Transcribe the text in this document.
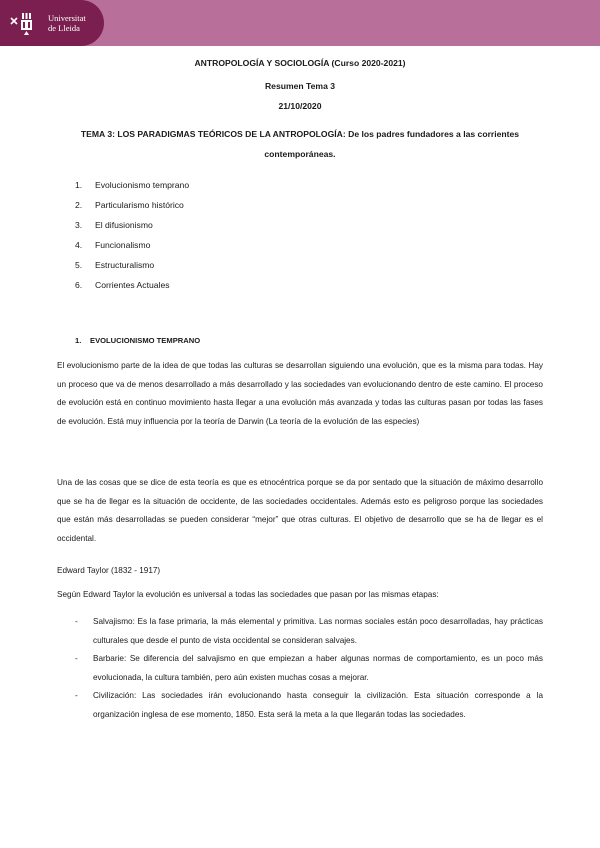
Universitat
de Lleida
ANTROPOLOGÍA Y SOCIOLOGÍA (Curso 2020-2021)
Resumen Tema 3
21/10/2020
TEMA 3: LOS PARADIGMAS TEÓRICOS DE LA ANTROPOLOGÍA: De los padres fundadores a las corrientes contemporáneas.
1. Evolucionismo temprano
2. Particularismo histórico
3. El difusionismo
4. Funcionalismo
5. Estructuralismo
6. Corrientes Actuales
1. EVOLUCIONISMO TEMPRANO
El evolucionismo parte de la idea de que todas las culturas se desarrollan siguiendo una evolución, que es la misma para todas. Hay un proceso que va de menos desarrollado a más desarrollado y las sociedades van evolucionando dentro de este camino. El proceso de evolución está en continuo movimiento hasta llegar a una evolución más avanzada y todas las culturas pasan por todas las fases de evolución. Está muy influencia por la teoría de Darwin (La teoría de la evolución de las especies)
Una de las cosas que se dice de esta teoría es que es etnocéntrica porque se da por sentado que la situación de máximo desarrollo que se ha de llegar es la situación de occidente, de las sociedades occidentales. Además esto es peligroso porque las sociedades que están más desarrolladas se pueden considerar “mejor” que otras culturas. El objetivo de desarrollo que se ha de llegar es el occidental.
Edward Taylor (1832 - 1917)
Según Edward Taylor la evolución es universal a todas las sociedades que pasan por las mismas etapas:
- Salvajismo: Es la fase primaria, la más elemental y primitiva. Las normas sociales están poco desarrolladas, hay prácticas culturales que desde el punto de vista occidental se consideran salvajes.
- Barbarie: Se diferencia del salvajismo en que empiezan a haber algunas normas de comportamiento, es un poco más evolucionada, la cultura también, pero aún existen muchas cosas a mejorar.
- Civilización: Las sociedades irán evolucionando hasta conseguir la civilización. Esta situación corresponde a la organización inglesa de ese momento, 1850. Esta será la meta a la que llegarán todas las sociedades.
